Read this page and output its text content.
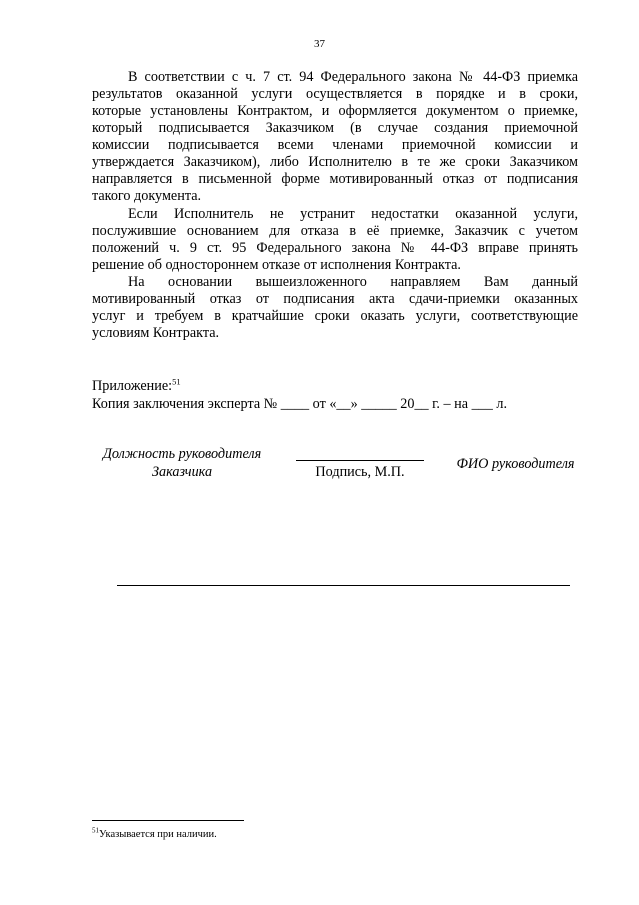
37
В соответствии с ч. 7 ст. 94 Федерального закона № 44-ФЗ приемка
результатов оказанной услуги осуществляется в порядке и в сроки,
которые установлены Контрактом, и оформляется документом о приемке,
который подписывается Заказчиком (в случае создания приемочной
комиссии подписывается всеми членами приемочной комиссии и
утверждается Заказчиком), либо Исполнителю в те же сроки Заказчиком
направляется в письменной форме мотивированный отказ от подписания
такого документа.
Если Исполнитель не устранит недостатки оказанной услуги,
послужившие основанием для отказа в её приемке, Заказчик с учетом
положений ч. 9 ст. 95 Федерального закона № 44-ФЗ вправе принять
решение об одностороннем отказе от исполнения Контракта.
На основании вышеизложенного направляем Вам данный
мотивированный отказ от подписания акта сдачи-приемки оказанных
услуг и требуем в кратчайшие сроки оказать услуги, соответствующие
условиям Контракта.
Приложение:$^{51}$
Копия заключения эксперта № ____ от «__» _____ 20__ г. – на ___ л.
Должность руководителя
Заказчика	Подпись, М.П.	ФИО руководителя
$^{51}$Указывается при наличии.
